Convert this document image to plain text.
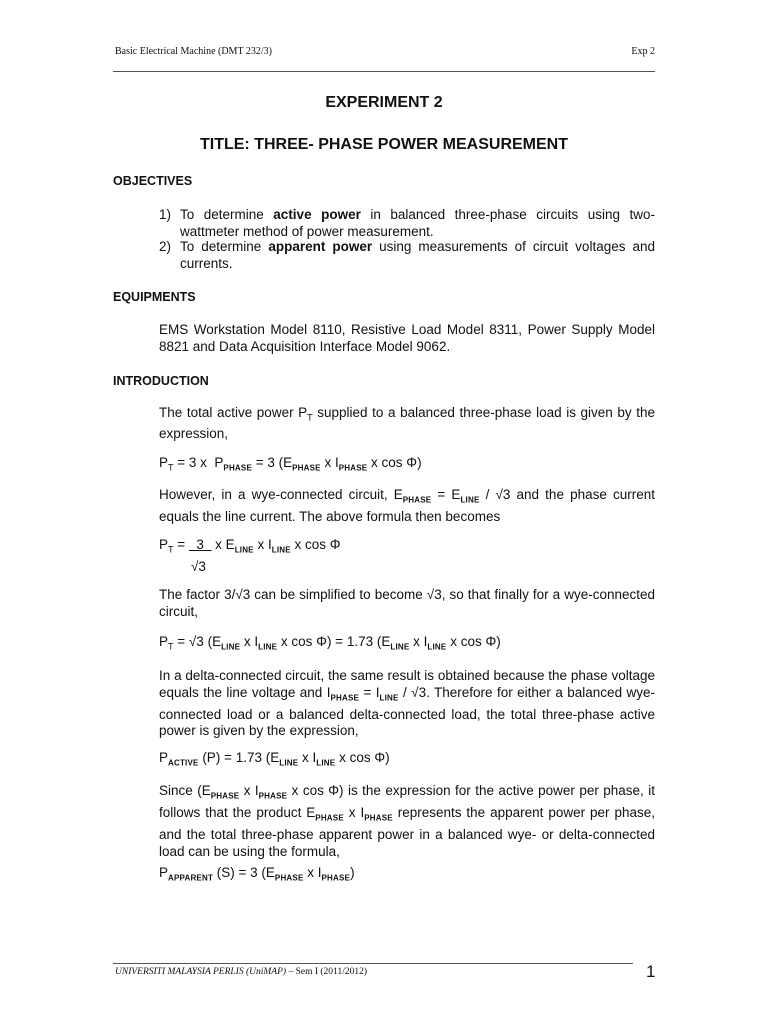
Basic Electrical Machine (DMT 232/3)	Exp 2
EXPERIMENT 2
TITLE: THREE- PHASE POWER MEASUREMENT
OBJECTIVES
1) To determine active power in balanced three-phase circuits using two-wattmeter method of power measurement.
2) To determine apparent power using measurements of circuit voltages and currents.
EQUIPMENTS
EMS Workstation Model 8110, Resistive Load Model 8311, Power Supply Model 8821 and Data Acquisition Interface Model 9062.
INTRODUCTION
The total active power $P_T$ supplied to a balanced three-phase load is given by the expression,
$P_T = 3$ x  $P_{PHASE} = 3$ ($E_{PHASE}$ x $I_{PHASE}$ x cos Φ)
However, in a wye-connected circuit, $E_{PHASE} = E_{LINE} / √3$ and the phase current equals the line current. The above formula then becomes
$P_T = 3$   x $E_{LINE}$ x $I_{LINE}$ x cos Φ
√3
The factor 3/√3 can be simplified to become √3, so that finally for a wye-connected circuit,
$P_T = √3$ ($E_{LINE}$ x $I_{LINE}$ x cos Φ) = 1.73 ($E_{LINE}$ x $I_{LINE}$ x cos Φ)
In a delta-connected circuit, the same result is obtained because the phase voltage equals the line voltage and $I_{PHASE} = I_{LINE} / √3$. Therefore for either a balanced wye-connected load or a balanced delta-connected load, the total three-phase active power is given by the expression,
$P_{ACTIVE}$ (P) = 1.73 ($E_{LINE}$ x $I_{LINE}$ x cos Φ)
Since ($E_{PHASE}$ x $I_{PHASE}$ x cos Φ) is the expression for the active power per phase, it follows that the product $E_{PHASE}$ x $I_{PHASE}$ represents the apparent power per phase, and the total three-phase apparent power in a balanced wye- or delta-connected load can be using the formula,
$P_{APPARENT}$ (S) = 3 ($E_{PHASE}$ x $I_{PHASE}$)
UNIVERSITI MALAYSIA PERLIS (UniMAP) – Sem I (2011/2012)	1
